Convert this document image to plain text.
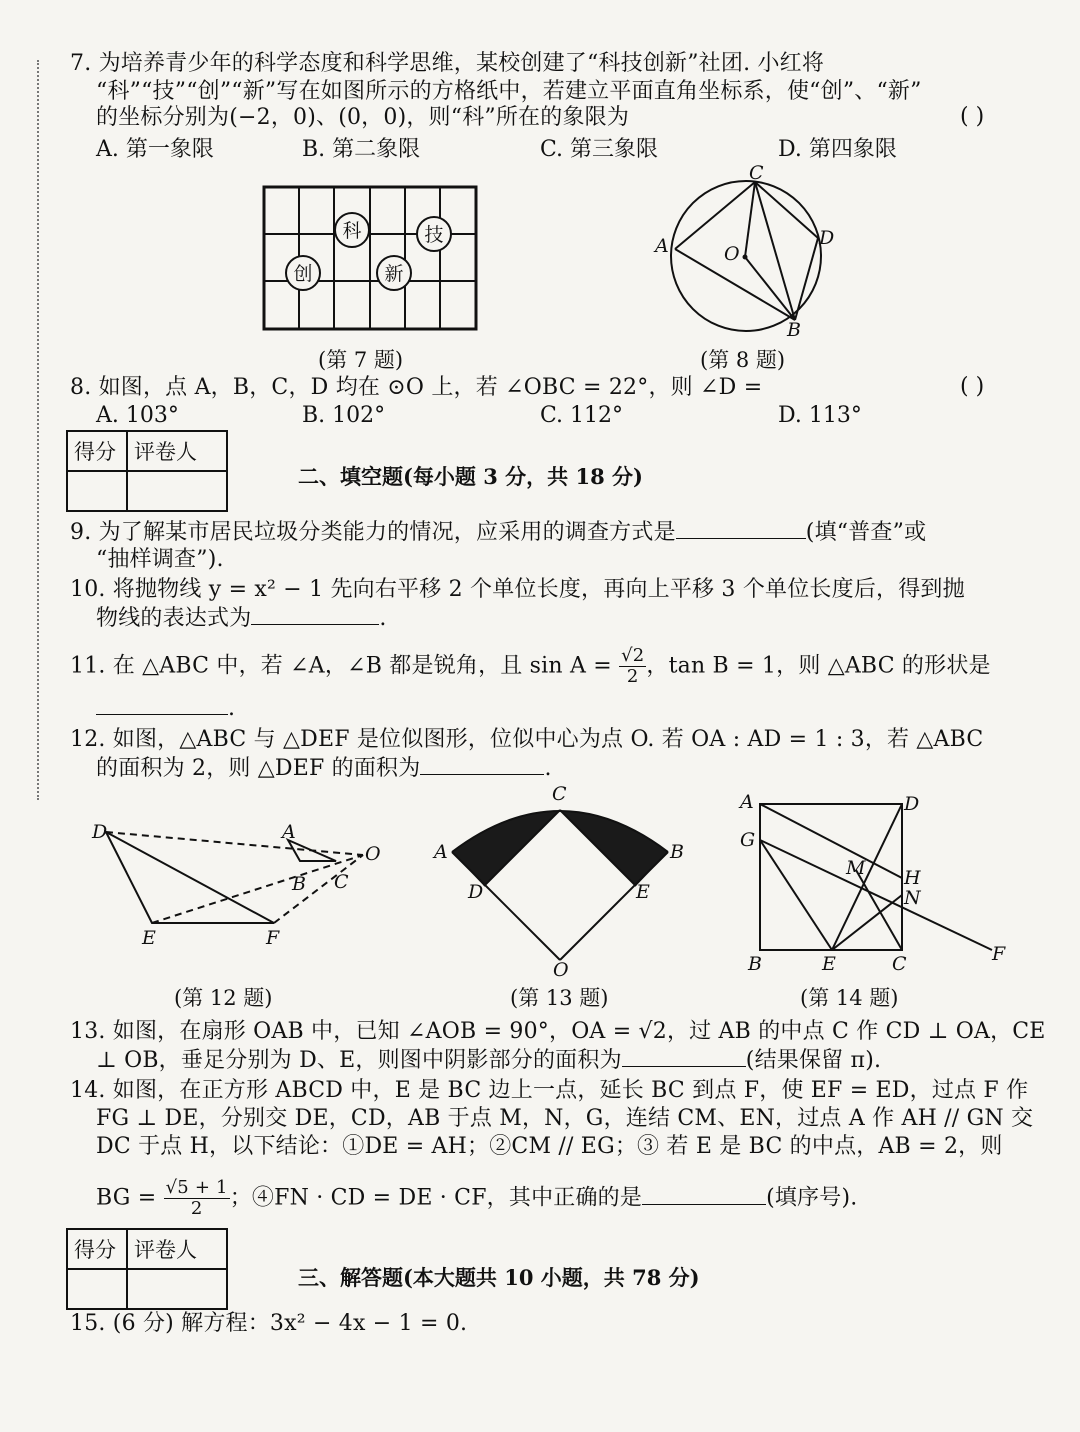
7. 为培养青少年的科学态度和科学思维，某校创建了“科技创新”社团. 小红将
“科”“技”“创”“新”写在如图所示的方格纸中，若建立平面直角坐标系，使“创”、“新”
的坐标分别为(−2，0)、(0，0)，则“科”所在的象限为	( )
A. 第一象限	B. 第二象限	C. 第三象限	D. 第四象限
科	技
创	新
(第 7 题)
C
A	O
D
B
(第 8 题)
8. 如图，点 A，B，C，D 均在 ⊙O 上，若 ∠OBC = 22°，则 ∠D =	( )
A. 103°	B. 102°	C. 112°	D. 113°
得分	评卷人

二、填空题(每小题 3 分，共 18 分)
9. 为了解某市居民垃圾分类能力的情况，应采用的调查方式是	(填“普查”或
“抽样调查”).
10. 将抛物线 y = x² − 1 先向右平移 2 个单位长度，再向上平移 3 个单位长度后，得到抛
物线的表达式为	.
11. 在 △ABC 中，若 ∠A，∠B 都是锐角，且 $\sin A = \frac{√2}{2}$ ，tan B = 1，则 △ABC 的形状是
.
12. 如图，△ABC 与 △DEF 是位似图形，位似中心为点 O. 若 OA : AD = 1 : 3，若 △ABC
的面积为 2，则 △DEF 的面积为	.
D	A
O
B C
E	F
(第 12 题)
C
A	B
D	E
O
(第 13 题)
A	D
G
M H
N
B	E	C	F
(第 14 题)
13. 如图，在扇形 OAB 中，已知 ∠AOB = 90°，OA = √2，过 AB 的中点 C 作 CD ⊥ OA，CE
⊥ OB，垂足分别为 D、E，则图中阴影部分的面积为	(结果保留 π).
14. 如图，在正方形 ABCD 中，E 是 BC 边上一点，延长 BC 到点 F，使 EF = ED，过点 F 作
FG ⊥ DE，分别交 DE，CD，AB 于点 M，N，G，连结 CM、EN，过点 A 作 AH // GN 交
DC 于点 H，以下结论：①DE = AH；②CM // EG；③ 若 E 是 BC 的中点，AB = 2，则
BG = $\frac{√5 + 1}{2}$ ；④FN · CD = DE · CF，其中正确的是	(填序号).
得分	评卷人

三、解答题(本大题共 10 小题，共 78 分)
15. (6 分) 解方程：3x² − 4x − 1 = 0.
